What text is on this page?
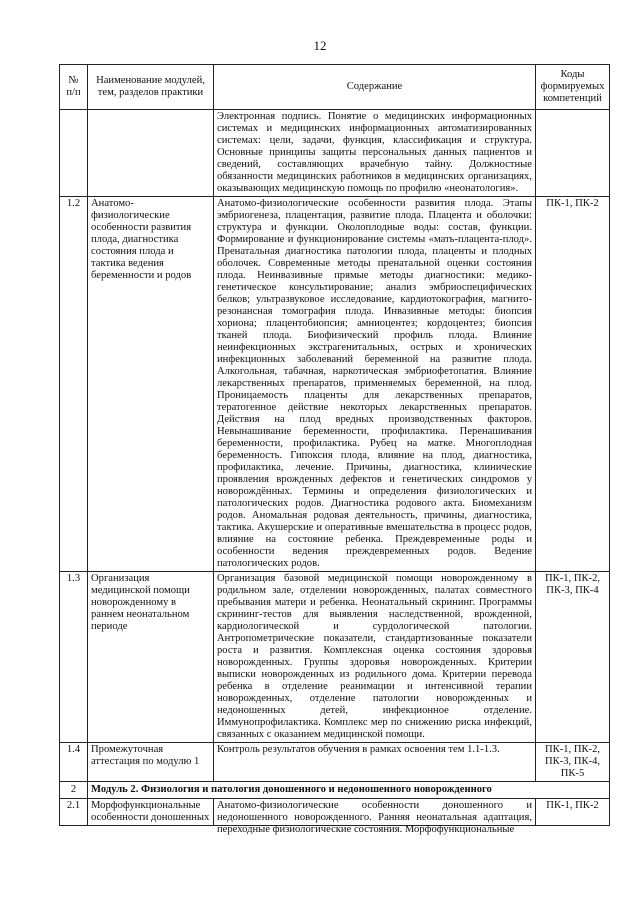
12
№ п/п	Наименование модулей, тем, разделов практики	Содержание	Коды формируемых компетенций
		Электронная подпись. Понятие о медицинских информационных системах и медицинских информационных автоматизированных системах: цели, задачи, функция, классификация и структура. Основные принципы защиты персональных данных пациентов и сведений, составляющих врачебную тайну. Должностные обязанности медицинских работников в медицинских организациях, оказывающих медицинскую помощь по профилю «неонатология».	
1.2	Анатомо-физиологические особенности развития плода, диагностика состояния плода и тактика ведения беременности и родов	Анатомо-физиологические особенности развития плода. Этапы эмбриогенеза, плацентация, развитие плода. Плацента и оболочки: структура и функции. Околоплодные воды: состав, функции. Формирование и функционирование системы «мать-плацента-плод». Пренатальная диагностика патологии плода, плаценты и плодных оболочек. Современные методы пренатальной оценки состояния плода. Неинвазивные прямые методы диагностики: медико-генетическое консультирование; анализ эмбриоспецифических белков; ультразвуковое исследование, кардиотокография, магнито-резонансная томография плода. Инвазивные методы: биопсия хориона; плацентобиопсия; амниоцентез; кордоцентез; биопсия тканей плода. Биофизический профиль плода. Влияние неинфекционных экстрагенитальных, острых и хронических инфекционных заболеваний беременной на развитие плода. Алкогольная, табачная, наркотическая эмбриофетопатия. Влияние лекарственных препаратов, применяемых беременной, на плод. Проницаемость плаценты для лекарственных препаратов, тератогенное действие некоторых лекарственных препаратов. Действия на плод вредных производственных факторов. Невынашивание беременности, профилактика. Перенашивания беременности, профилактика. Рубец на матке. Многоплодная беременность. Гипоксия плода, влияние на плод, диагностика, профилактика, лечение. Причины, диагностика, клинические проявления врожденных дефектов и генетических синдромов у новорождённых. Термины и определения физиологических и патологических родов. Диагностика родового акта. Биомеханизм родов. Аномальная родовая деятельность, причины, диагностика, тактика. Акушерские и оперативные вмешательства в процесс родов, влияние на состояние ребенка. Преждевременные роды и особенности ведения преждевременных родов. Ведение патологических родов.	ПК-1, ПК-2
1.3	Организация медицинской помощи новорожденному в раннем неонатальном периоде	Организация базовой медицинской помощи новорожденному в родильном зале, отделении новорожденных, палатах совместного пребывания матери и ребенка. Неонатальный скрининг. Программы скрининг-тестов для выявления наследственной, врожденной, кардиологической и сурдологической патологии. Антропометрические показатели, стандартизованные показатели роста и развития. Комплексная оценка состояния здоровья новорожденных. Группы здоровья новорожденных. Критерии выписки новорожденных из родильного дома. Критерии перевода ребенка в отделение реанимации и интенсивной терапии новорожденных, отделение патологии новорожденных и недоношенных детей, инфекционное отделение. Иммунопрофилактика. Комплекс мер по снижению риска инфекций, связанных с оказанием медицинской помощи.	ПК-1, ПК-2, ПК-3, ПК-4
1.4	Промежуточная аттестация по модулю 1	Контроль результатов обучения в рамках освоения тем 1.1-1.3.	ПК-1, ПК-2, ПК-3, ПК-4, ПК-5
2	Модуль 2. Физиология и патология доношенного и недоношенного новорожденного		
2.1	Морфофункциональные особенности доношенных	Анатомо-физиологические особенности доношенного и недоношенного новорожденного. Ранняя неонатальная адаптация, переходные физиологические состояния. Морфофункциональные	ПК-1, ПК-2
